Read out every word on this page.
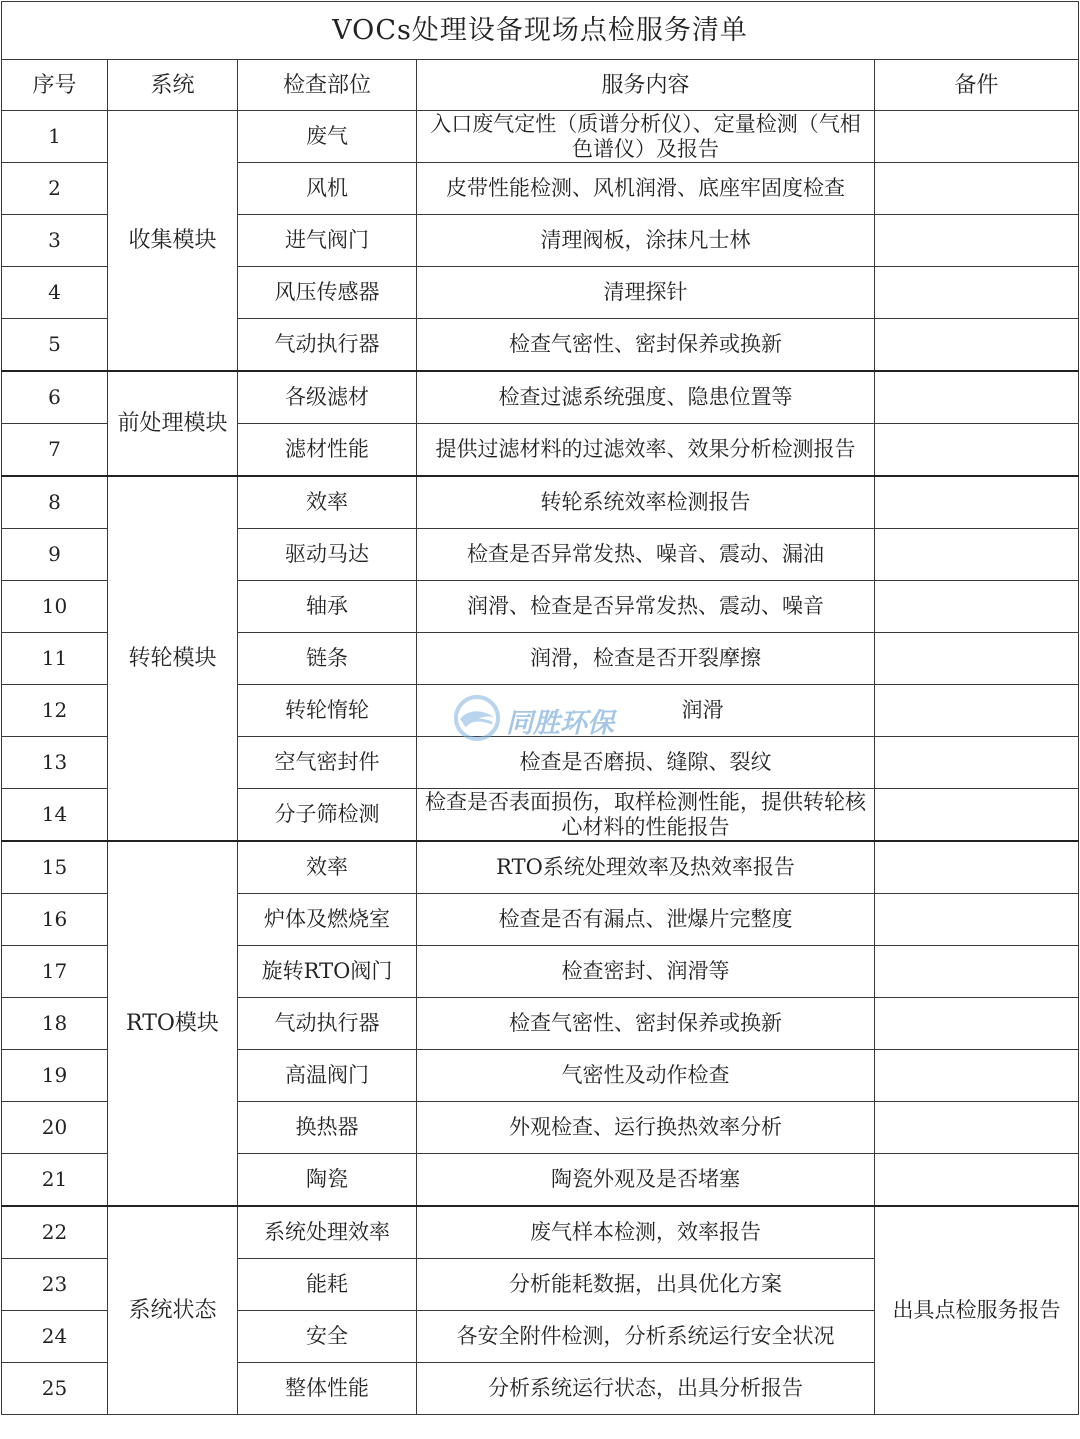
VOCs处理设备现场点检服务清单				
序号	系统	检查部位	服务内容	备件
1	收集模块	废气	入口废气定性（质谱分析仪）、定量检测（气相色谱仪）及报告	
2		风机	皮带性能检测、风机润滑、底座牢固度检查	
3		进气阀门	清理阀板，涂抹凡士林	
4		风压传感器	清理探针	
5		气动执行器	检查气密性、密封保养或换新	
6	前处理模块	各级滤材	检查过滤系统强度、隐患位置等	
7		滤材性能	提供过滤材料的过滤效率、效果分析检测报告	
8	转轮模块	效率	转轮系统效率检测报告	
9		驱动马达	检查是否异常发热、噪音、震动、漏油	
10		轴承	润滑、检查是否异常发热、震动、噪音	
11		链条	润滑，检查是否开裂摩擦	
12		转轮惰轮	润滑	
13		空气密封件	检查是否磨损、缝隙、裂纹	
14		分子筛检测	检查是否表面损伤，取样检测性能，提供转轮核心材料的性能报告	
15	RTO模块	效率	RTO系统处理效率及热效率报告	
16		炉体及燃烧室	检查是否有漏点、泄爆片完整度	
17		旋转RTO阀门	检查密封、润滑等	
18		气动执行器	检查气密性、密封保养或换新	
19		高温阀门	气密性及动作检查	
20		换热器	外观检查、运行换热效率分析	
21		陶瓷	陶瓷外观及是否堵塞	
22	系统状态	系统处理效率	废气样本检测，效率报告	出具点检服务报告
23		能耗	分析能耗数据，出具优化方案	
24		安全	各安全附件检测，分析系统运行安全状况	
25		整体性能	分析系统运行状态，出具分析报告	
同胜环保
